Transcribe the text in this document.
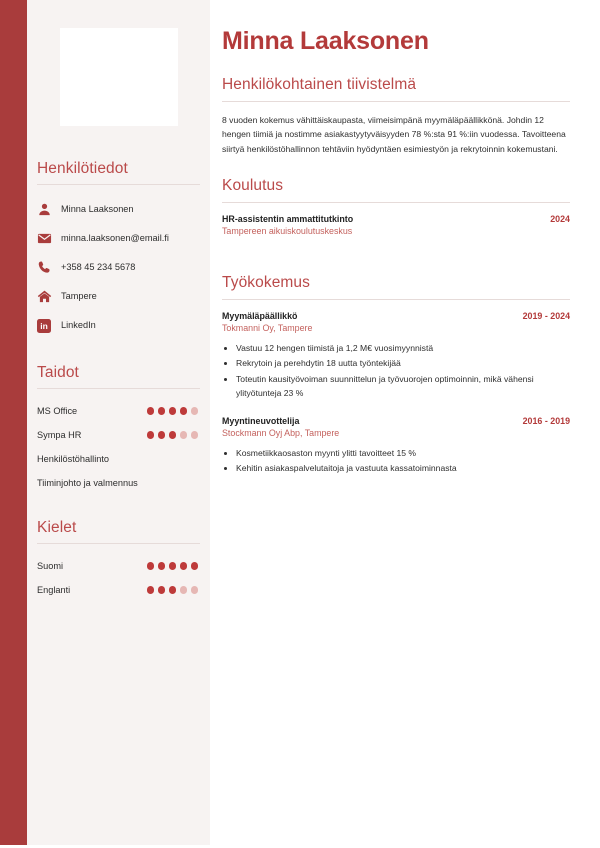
Henkilötiedot
Minna Laaksonen
minna.laaksonen@email.fi
+358 45 234 5678
Tampere
in	LinkedIn
Taidot
MS Office
Sympa HR
Henkilöstöhallinto
Tiiminjohto ja valmennus
Kielet
Suomi
Englanti
Minna Laaksonen
Henkilökohtainen tiivistelmä

8 vuoden kokemus vähittäiskaupasta, viimeisimpänä myymäläpäällikkönä. Johdin 12 hengen tiimiä ja nostimme asiakastyytyväisyyden 78 %:sta 91 %:iin vuodessa. Tavoitteena siirtyä henkilöstöhallinnon tehtäviin hyödyntäen esimiestyön ja rekrytoinnin kokemustani.

Koulutus
HR-assistentin ammattitutkinto	2024
Tampereen aikuiskoulutuskeskus
Työkokemus
Myymäläpäällikkö	2019 - 2024
Tokmanni Oy, Tampere
• Vastuu 12 hengen tiimistä ja 1,2 M€ vuosimyynnistä
• Rekrytoin ja perehdytin 18 uutta työntekijää
• Toteutin kausityövoiman suunnittelun ja työvuorojen optimoinnin, mikä vähensi ylityötunteja 23 %
Myyntineuvottelija	2016 - 2019
Stockmann Oyj Abp, Tampere
• Kosmetiikkaosaston myynti ylitti tavoitteet 15 %
• Kehitin asiakaspalvelutaitoja ja vastuuta kassatoiminnasta
